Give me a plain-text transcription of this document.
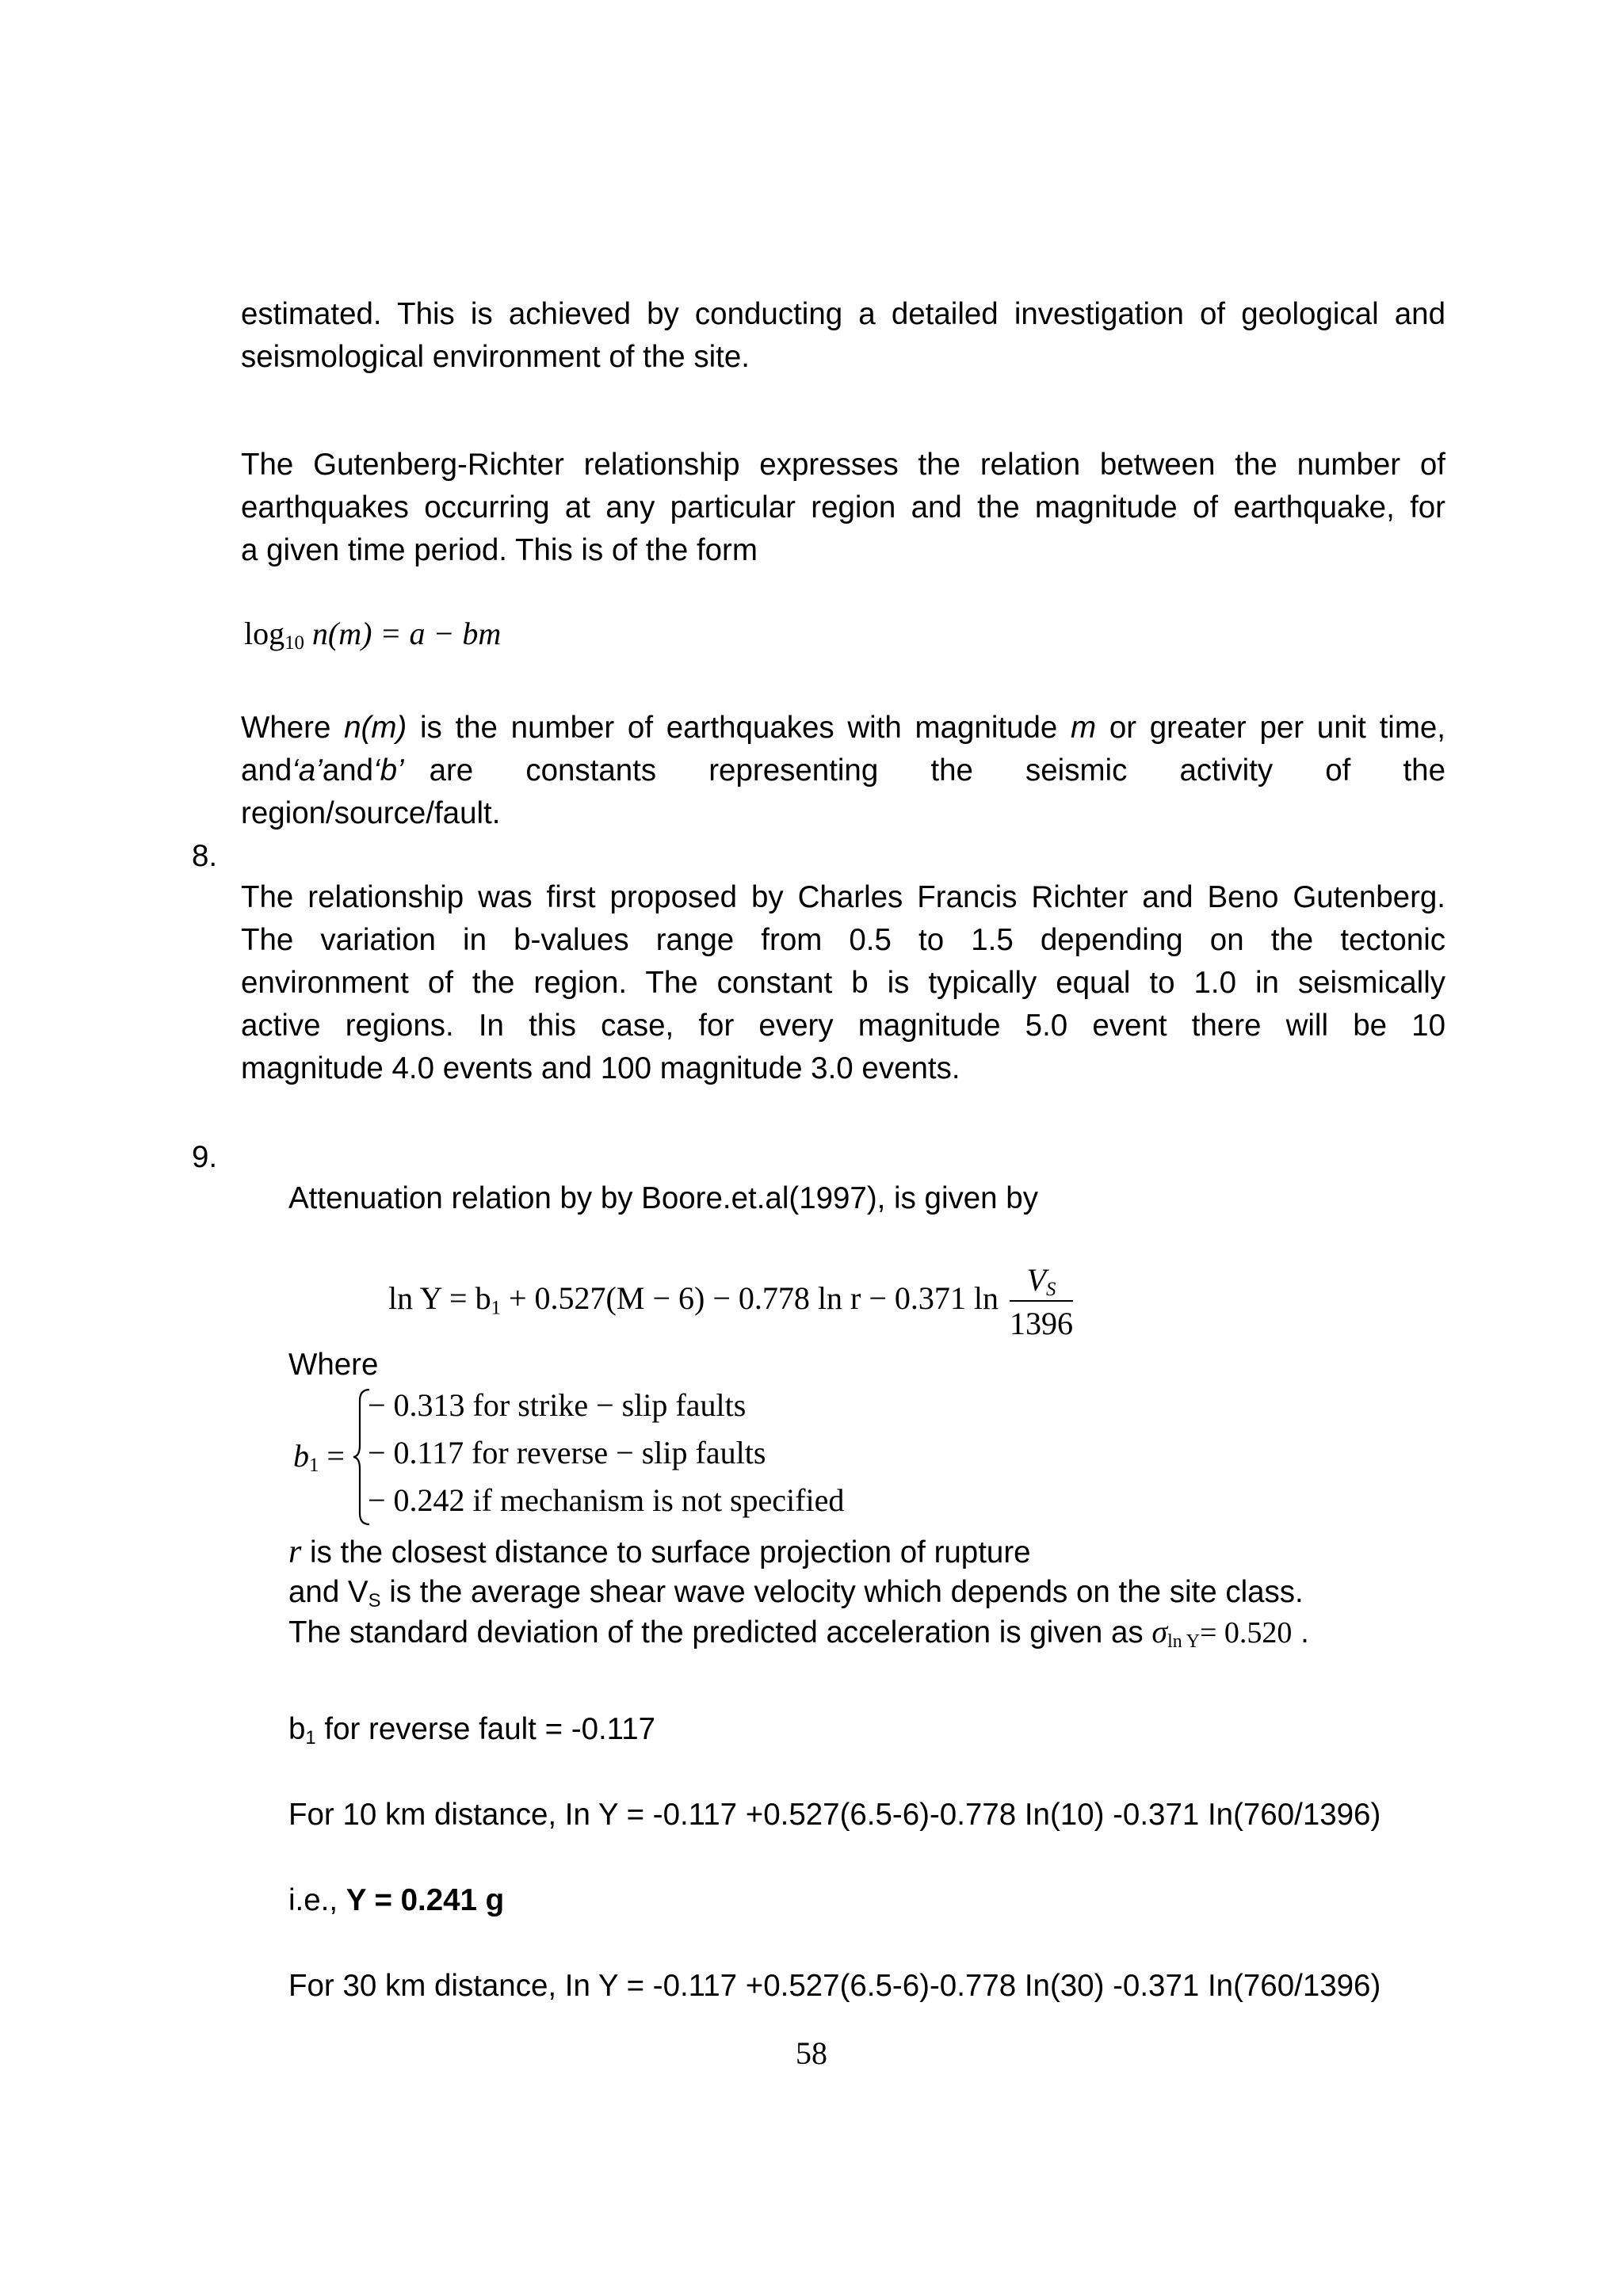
estimated. This is achieved by conducting a detailed investigation of geological and
seismological environment of the site.
The Gutenberg-Richter relationship expresses the relation between the number of
earthquakes occurring at any particular region and the magnitude of earthquake, for
a given time period. This is of the form
$\log_{10} n(m) = a$ − bm
Where n(m) is the number of earthquakes with magnitude m or greater per unit time,
and ‘a’ and ‘b’ are constants representing the seismic activity of the
region/source/fault.
8.
The relationship was first proposed by Charles Francis Richter and Beno Gutenberg.
The variation in b-values range from 0.5 to 1.5 depending on the tectonic
environment of the region. The constant b is typically equal to 1.0 in seismically
active regions. In this case, for every magnitude 5.0 event there will be 10
magnitude 4.0 events and 100 magnitude 3.0 events.
9.
Attenuation relation by by Boore.et.al(1997), is given by
$\ln Y = b_1 + 0.527(M - 6) - 0.778$ ln r − 0.371 $\ln \frac{V_S}{1396}$
Where
$b_1$ =
− 0.313 for strike − slip faults
− 0.117 for reverse − slip faults
− 0.242 if mechanism is not specified
r is the closest distance to surface projection of rupture
and $V_S$ is the average shear wave velocity which depends on the site class.
The standard deviation of the predicted acceleration is given as $\sigma_{ln Y}= 0.520$ .
$b_1$ for reverse fault = -0.117
For 10 km distance, In Y = -0.117 +0.527(6.5-6)-0.778 In(10) -0.371 In(760/1396)
i.e., Y = 0.241 g
For 30 km distance, In Y = -0.117 +0.527(6.5-6)-0.778 In(30) -0.371 In(760/1396)
58
